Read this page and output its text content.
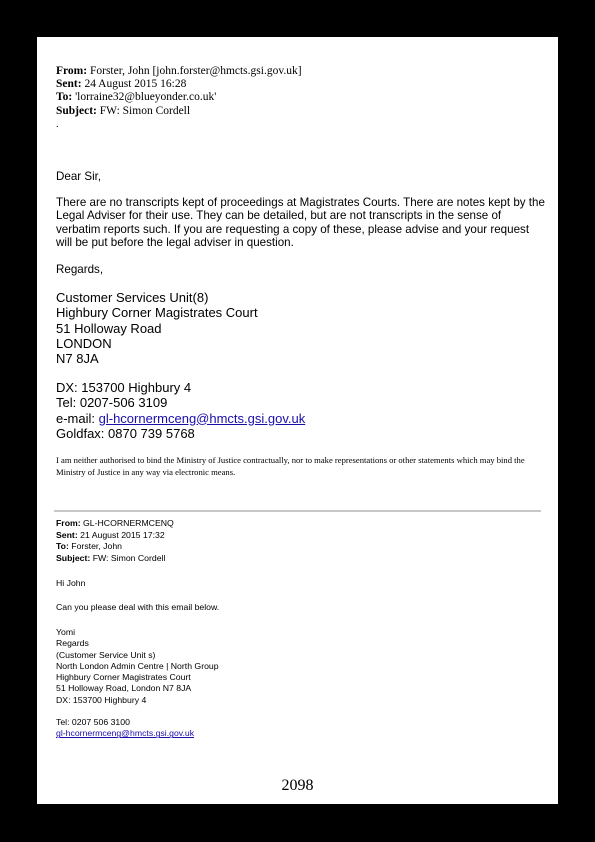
From: Forster, John [john.forster@hmcts.gsi.gov.uk]
Sent: 24 August 2015 16:28
To: 'lorraine32@blueyonder.co.uk'
Subject: FW: Simon Cordell
.
Dear Sir,
There are no transcripts kept of proceedings at Magistrates Courts. There are notes kept by the Legal Adviser for their use. They can be detailed, but are not transcripts in the sense of verbatim reports such. If you are requesting a copy of these, please advise and your request will be put before the legal adviser in question.
Regards,
Customer Services Unit(8)
Highbury Corner Magistrates Court
51 Holloway Road
LONDON
N7 8JA
DX: 153700 Highbury 4
Tel: 0207-506 3109
e-mail: gl-hcornermceng@hmcts.gsi.gov.uk
Goldfax: 0870 739 5768
I am neither authorised to bind the Ministry of Justice contractually, nor to make representations or other statements which may bind the Ministry of Justice in any way via electronic means.
From: GL-HCORNERMCENQ
Sent: 21 August 2015 17:32
To: Forster, John
Subject: FW: Simon Cordell
Hi John
Can you please deal with this email below.
Yomi
Regards
(Customer Service Unit s)
North London Admin Centre | North Group
Highbury Corner Magistrates Court
51 Holloway Road, London N7 8JA
DX: 153700 Highbury 4
Tel: 0207 506 3100
gl-hcornermceng@hmcts.gsi.gov.uk
2098
